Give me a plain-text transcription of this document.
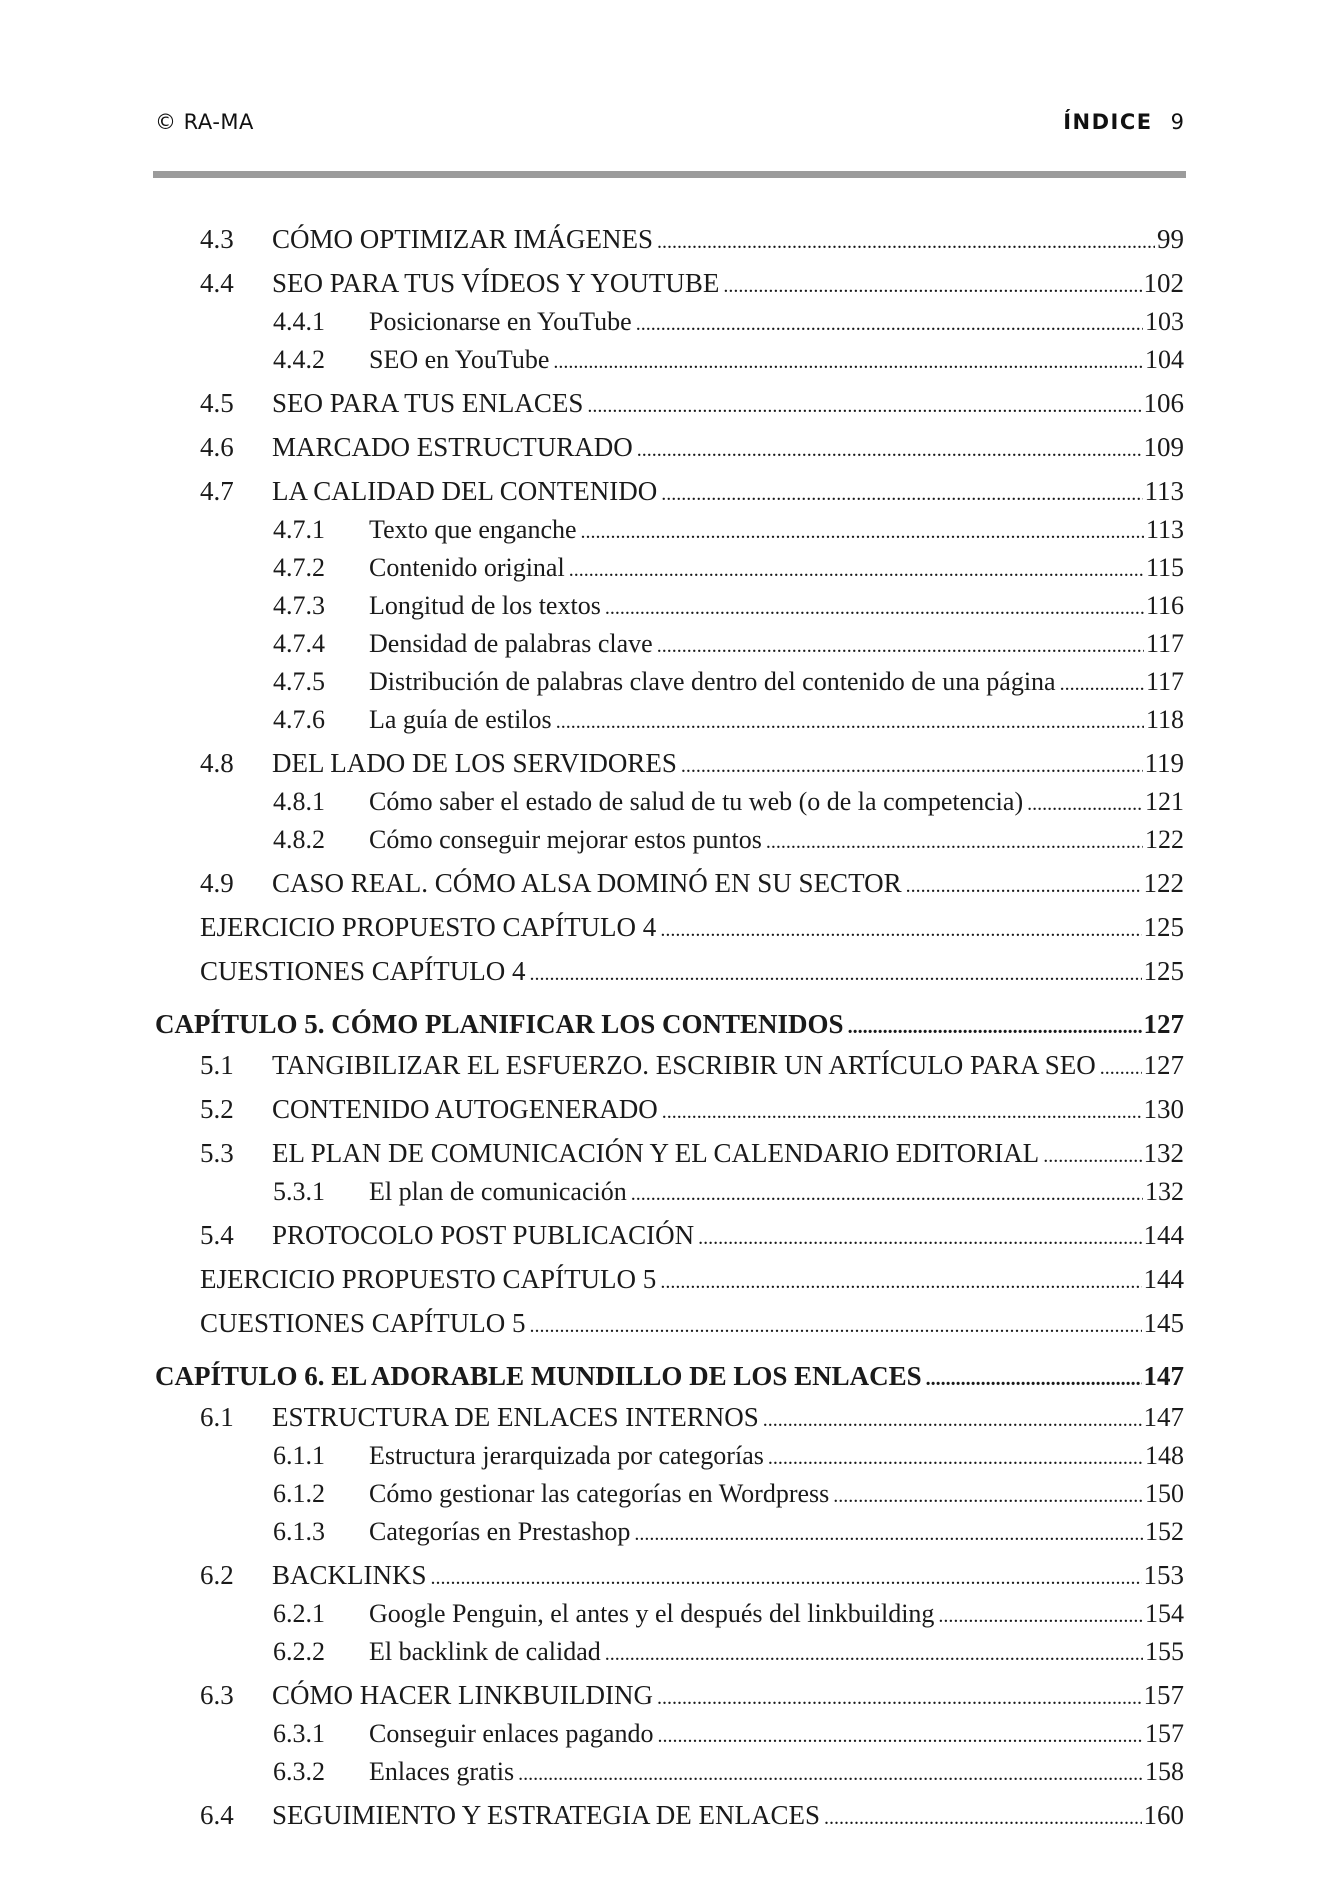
© RA-MA	ÍNDICE 9
4.3	CÓMO OPTIMIZAR IMÁGENES . . .	99
4.4	SEO PARA TUS VÍDEOS Y YOUTUBE . . .	102
4.4.1	Posicionarse en YouTube . . .	103
4.4.2	SEO en YouTube . . .	104
4.5	SEO PARA TUS ENLACES . . .	106
4.6	MARCADO ESTRUCTURADO . . .	109
4.7	LA CALIDAD DEL CONTENIDO . . .	113
4.7.1	Texto que enganche . . .	113
4.7.2	Contenido original . . .	115
4.7.3	Longitud de los textos . . .	116
4.7.4	Densidad de palabras clave . . .	117
4.7.5	Distribución de palabras clave dentro del contenido de una página . . .	117
4.7.6	La guía de estilos . . .	118
4.8	DEL LADO DE LOS SERVIDORES . . .	119
4.8.1	Cómo saber el estado de salud de tu web (o de la competencia) . . .	121
4.8.2	Cómo conseguir mejorar estos puntos . . .	122
4.9	CASO REAL. CÓMO ALSA DOMINÓ EN SU SECTOR . . .	122
EJERCICIO PROPUESTO CAPÍTULO 4 . . .	125
CUESTIONES CAPÍTULO 4 . . .	125
CAPÍTULO 5. CÓMO PLANIFICAR LOS CONTENIDOS . . .	127
5.1	TANGIBILIZAR EL ESFUERZO. ESCRIBIR UN ARTÍCULO PARA SEO . . . 127
5.2	CONTENIDO AUTOGENERADO . . .	130
5.3	EL PLAN DE COMUNICACIÓN Y EL CALENDARIO EDITORIAL . . .	132
5.3.1	El plan de comunicación . . .	132
5.4	PROTOCOLO POST PUBLICACIÓN . . .	144
EJERCICIO PROPUESTO CAPÍTULO 5 . . .	144
CUESTIONES CAPÍTULO 5 . . .	145
CAPÍTULO 6. EL ADORABLE MUNDILLO DE LOS ENLACES . . .	147
6.1	ESTRUCTURA DE ENLACES INTERNOS . . .	147
6.1.1	Estructura jerarquizada por categorías . . .	148
6.1.2	Cómo gestionar las categorías en Wordpress . . .	150
6.1.3	Categorías en Prestashop . . .	152
6.2	BACKLINKS . . .	153
6.2.1	Google Penguin, el antes y el después del linkbuilding . . .	154
6.2.2	El backlink de calidad . . .	155
6.3	CÓMO HACER LINKBUILDING . . .	157
6.3.1	Conseguir enlaces pagando . . .	157
6.3.2	Enlaces gratis . . .	158
6.4	SEGUIMIENTO Y ESTRATEGIA DE ENLACES . . .	160
